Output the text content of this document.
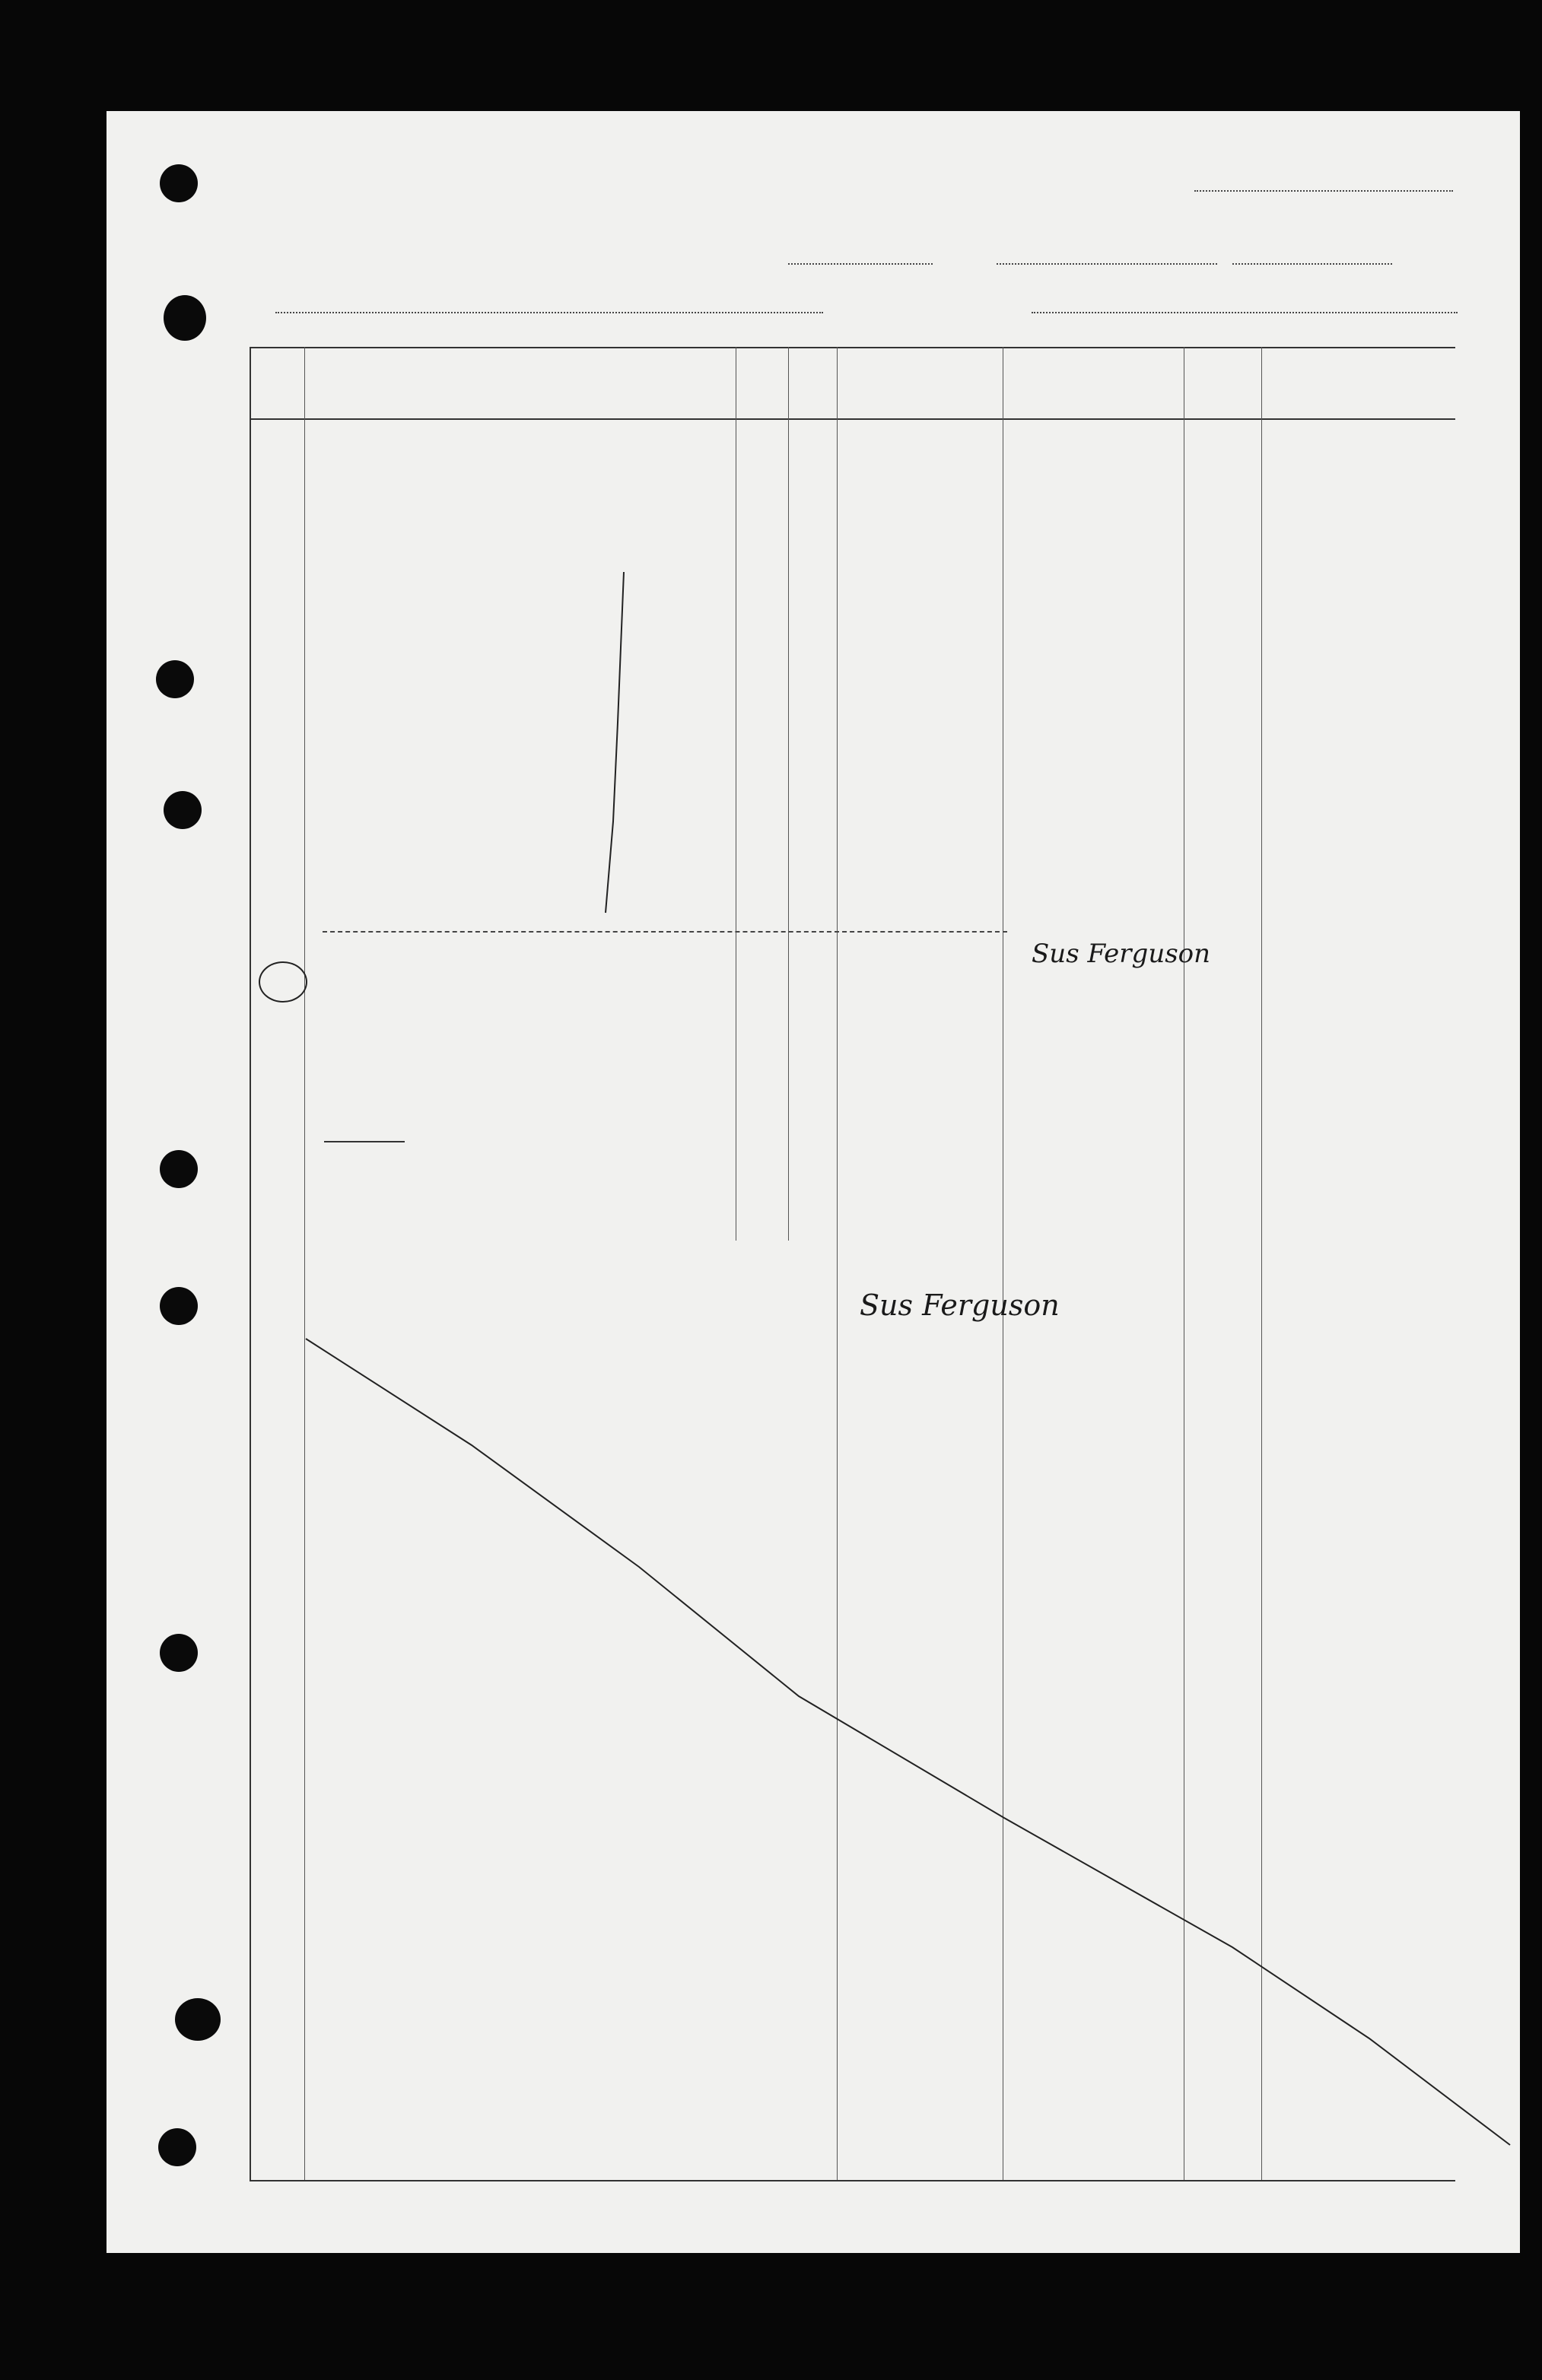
Sus Ferguson
Sus Ferguson
